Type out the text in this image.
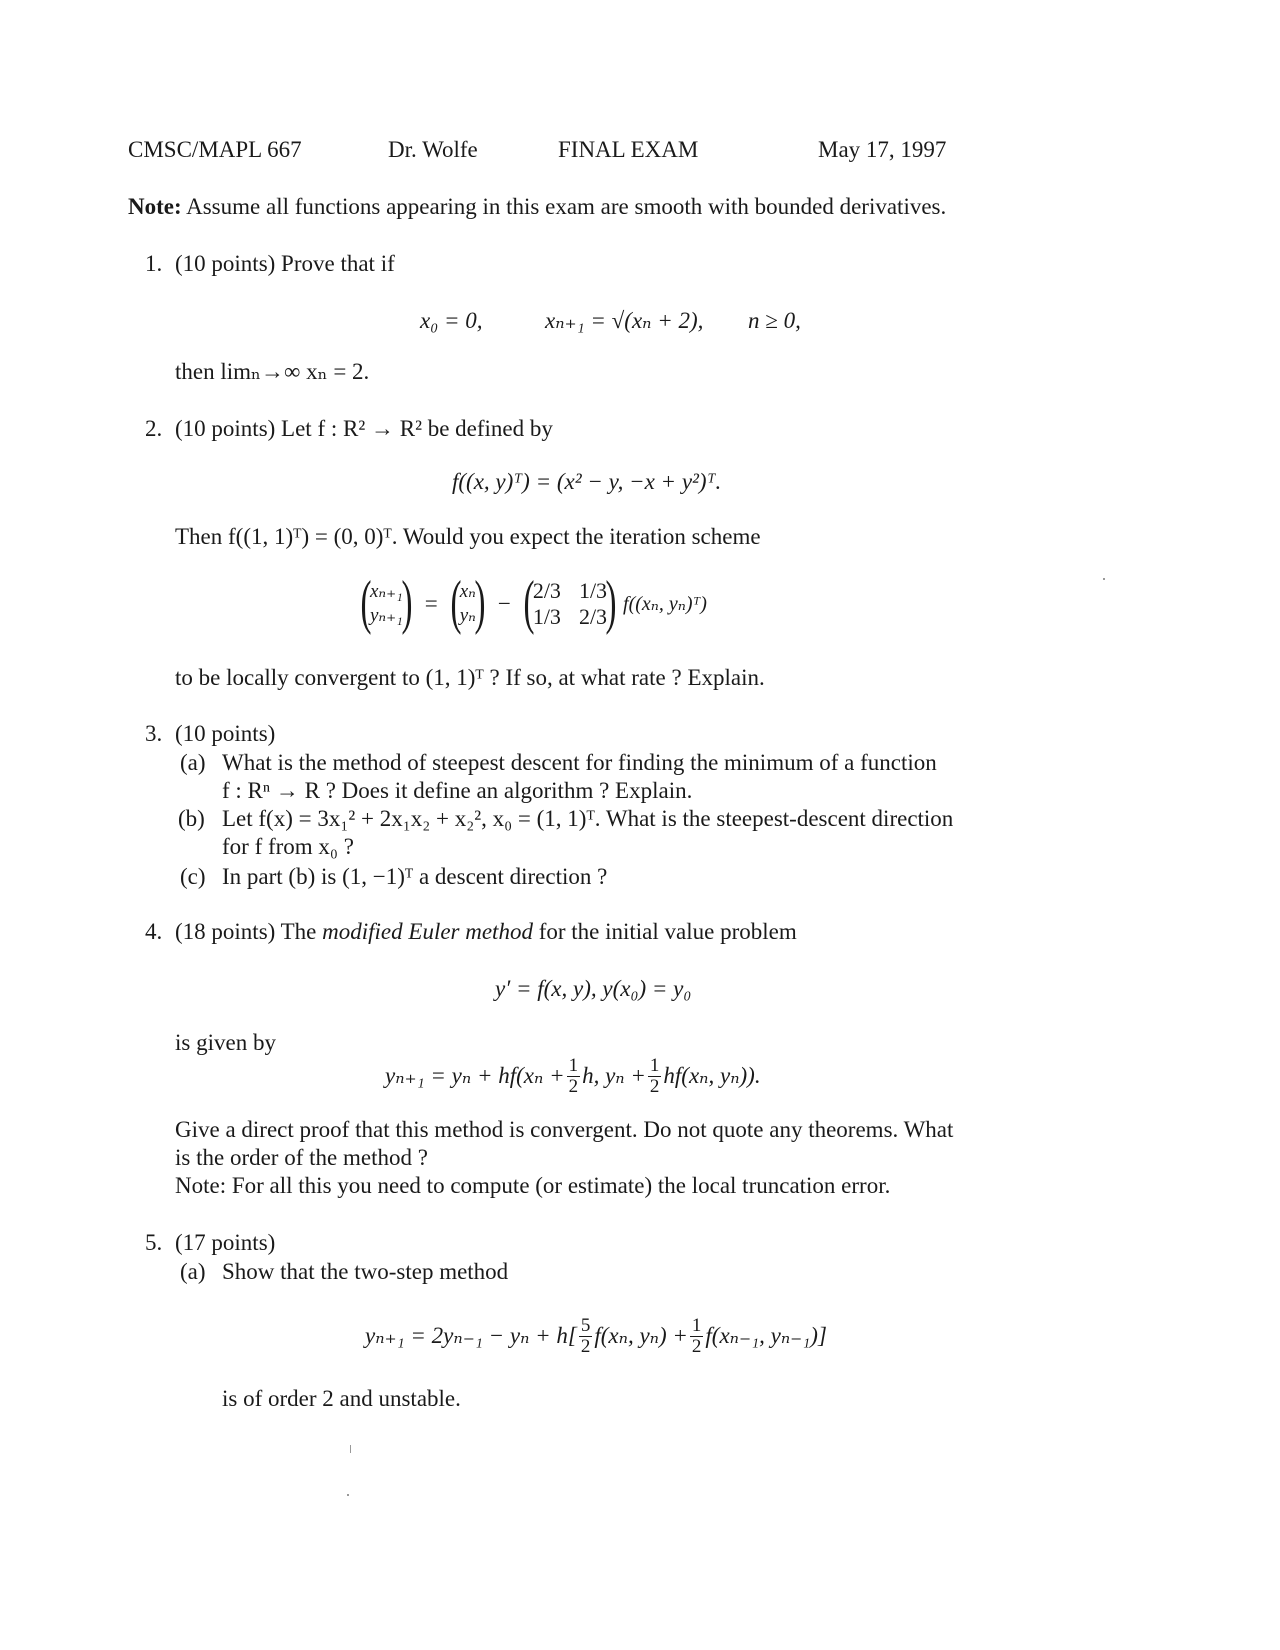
CMSC/MAPL 667	Dr. Wolfe	FINAL EXAM	May 17, 1997
Note: Assume all functions appearing in this exam are smooth with bounded derivatives.
1. (10 points) Prove that if
x₀ = 0,	xₙ₊₁ = √(xₙ + 2), n ≥ 0,
then limₙ→∞ xₙ = 2.
2. (10 points) Let f : R² → R² be defined by
f((x, y)ᵀ) = (x² − y, −x + y²)ᵀ.
Then f((1, 1)ᵀ) = (0, 0)ᵀ. Would you expect the iteration scheme
(
xₙ₊₁
yₙ₊₁
) = (
xₙ
yₙ
) − (
2/3 1/3
1/3 2/3
) f((xₙ, yₙ)ᵀ)
to be locally convergent to (1, 1)ᵀ ? If so, at what rate ? Explain.
3. (10 points)
(a) What is the method of steepest descent for finding the minimum of a function
f : Rⁿ → R ? Does it define an algorithm ? Explain.
(b) Let f(x) = 3x₁² + 2x₁x₂ + x₂², x₀ = (1, 1)ᵀ. What is the steepest-descent direction
for f from x₀ ?
(c) In part (b) is (1, −1)ᵀ a descent direction ?
4. (18 points) The modified Euler method for the initial value problem
y′ = f(x, y), y(x₀) = y₀
is given by
$y_{n+1} = y_n + hf(x_n + \frac{1}{2} h$, $y_n + \frac{1}{2} hf(x_n$, yₙ)).
Give a direct proof that this method is convergent. Do not quote any theorems. What
is the order of the method ?
Note: For all this you need to compute (or estimate) the local truncation error.
5. (17 points)
(a) Show that the two-step method
$y_{n+1} = 2y_{n-1} - y_n + h[ \frac{5}{2} f(x_n$, $y_n) + \frac{1}{2} f(x_{n-1}$, yₙ₋₁)]
is of order 2 and unstable.
